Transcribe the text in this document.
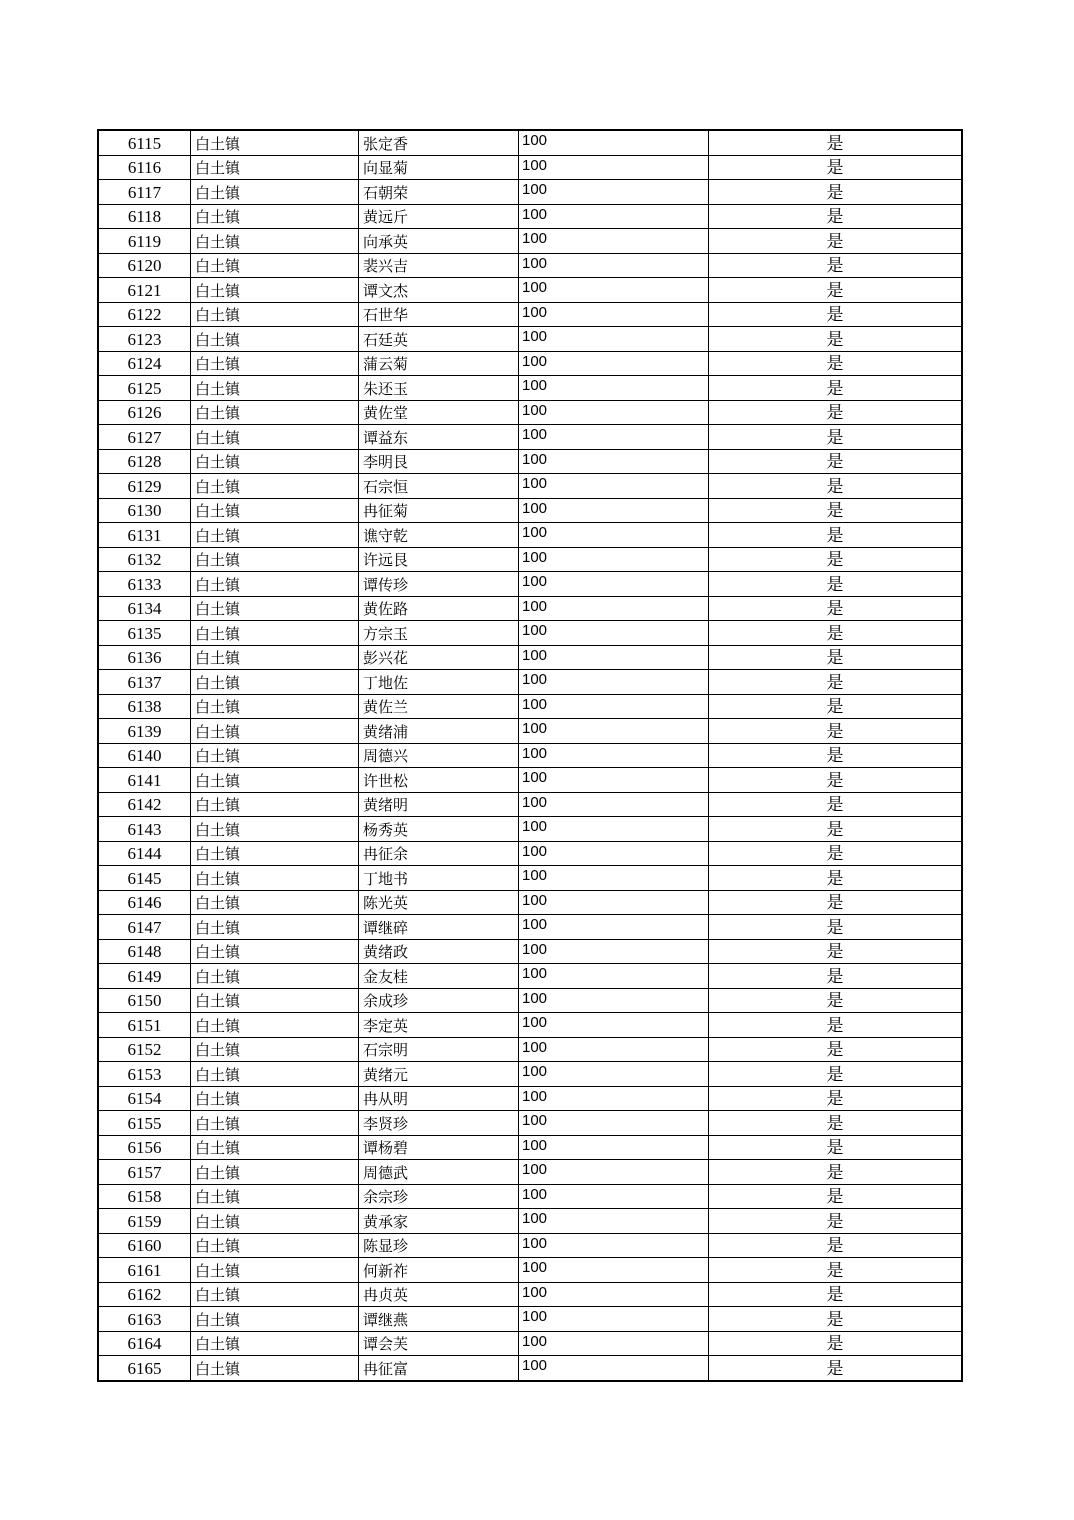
6115	白土镇	张定香	100	是
6116	白土镇	向显菊	100	是
6117	白土镇	石朝荣	100	是
6118	白土镇	黄远斤	100	是
6119	白土镇	向承英	100	是
6120	白土镇	裴兴吉	100	是
6121	白土镇	谭文杰	100	是
6122	白土镇	石世华	100	是
6123	白土镇	石廷英	100	是
6124	白土镇	蒲云菊	100	是
6125	白土镇	朱还玉	100	是
6126	白土镇	黄佐堂	100	是
6127	白土镇	谭益东	100	是
6128	白土镇	李明艮	100	是
6129	白土镇	石宗恒	100	是
6130	白土镇	冉征菊	100	是
6131	白土镇	谯守乾	100	是
6132	白土镇	许远艮	100	是
6133	白土镇	谭传珍	100	是
6134	白土镇	黄佐路	100	是
6135	白土镇	方宗玉	100	是
6136	白土镇	彭兴花	100	是
6137	白土镇	丁地佐	100	是
6138	白土镇	黄佐兰	100	是
6139	白土镇	黄绪浦	100	是
6140	白土镇	周德兴	100	是
6141	白土镇	许世松	100	是
6142	白土镇	黄绪明	100	是
6143	白土镇	杨秀英	100	是
6144	白土镇	冉征余	100	是
6145	白土镇	丁地书	100	是
6146	白土镇	陈光英	100	是
6147	白土镇	谭继碎	100	是
6148	白土镇	黄绪政	100	是
6149	白土镇	金友桂	100	是
6150	白土镇	余成珍	100	是
6151	白土镇	李定英	100	是
6152	白土镇	石宗明	100	是
6153	白土镇	黄绪元	100	是
6154	白土镇	冉从明	100	是
6155	白土镇	李贤珍	100	是
6156	白土镇	谭杨碧	100	是
6157	白土镇	周德武	100	是
6158	白土镇	余宗珍	100	是
6159	白土镇	黄承家	100	是
6160	白土镇	陈显珍	100	是
6161	白土镇	何新祚	100	是
6162	白土镇	冉贞英	100	是
6163	白土镇	谭继燕	100	是
6164	白土镇	谭会芙	100	是
6165	白土镇	冉征富	100	是
